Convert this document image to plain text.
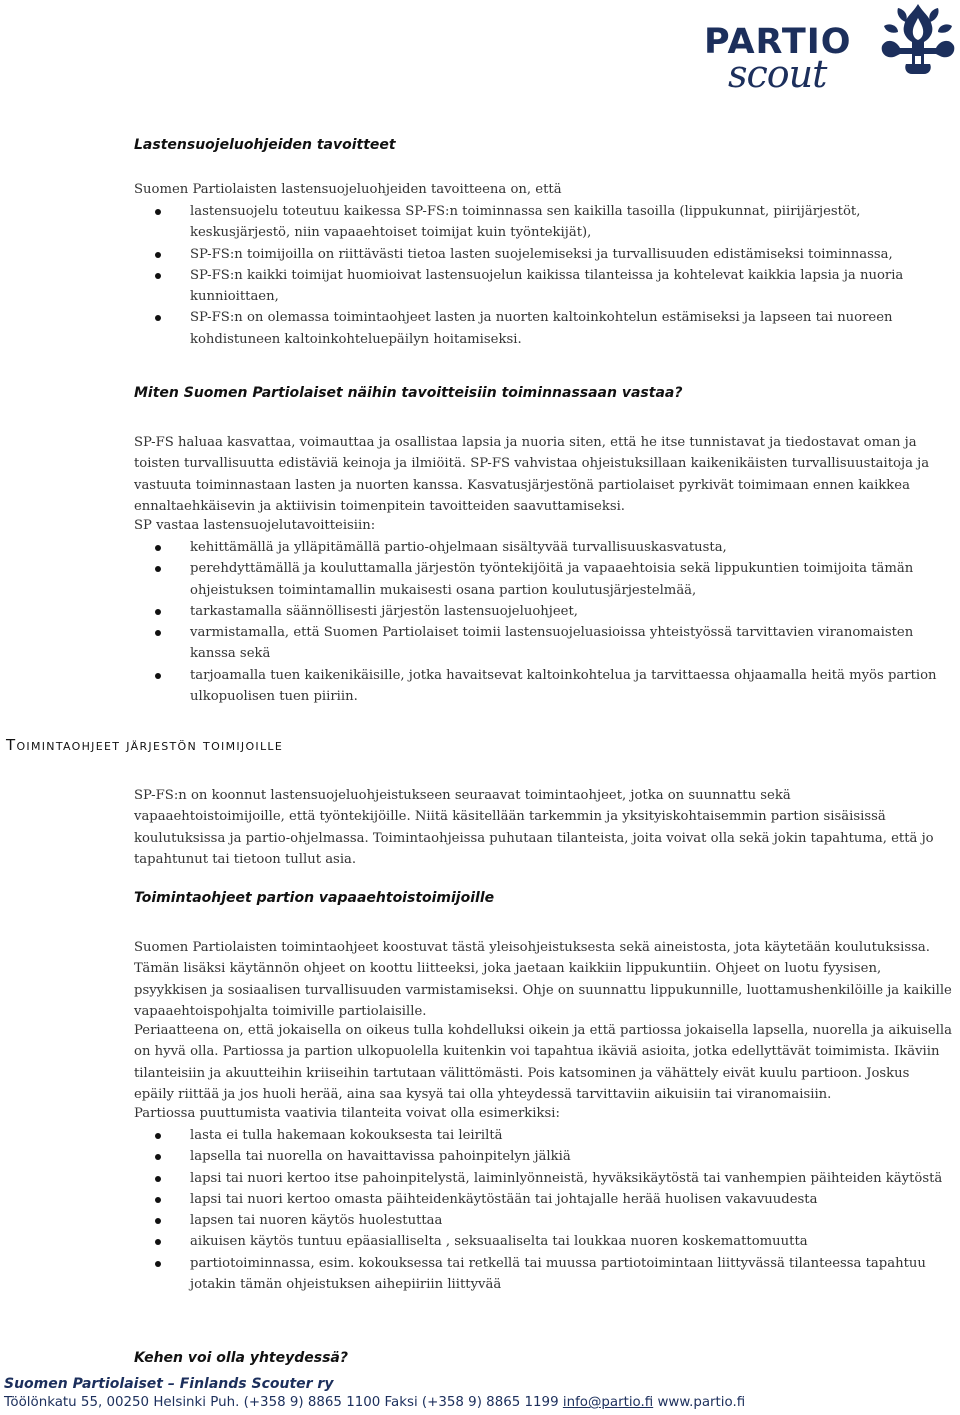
PARTIO
scout
Lastensuojeluohjeiden tavoitteet
Suomen Partiolaisten lastensuojeluohjeiden tavoitteena on, että
lastensuojelu toteutuu kaikessa SP-FS:n toiminnassa sen kaikilla tasoilla (lippukunnat, piirijärjestöt, keskusjärjestö, niin vapaaehtoiset toimijat kuin työntekijät),
SP-FS:n toimijoilla on riittävästi tietoa lasten suojelemiseksi ja turvallisuuden edistämiseksi toiminnassa,
SP-FS:n kaikki toimijat huomioivat lastensuojelun kaikissa tilanteissa ja kohtelevat kaikkia lapsia ja nuoria kunnioittaen,
SP-FS:n on olemassa toimintaohjeet lasten ja nuorten kaltoinkohtelun estämiseksi ja lapseen tai nuoreen kohdistuneen kaltoinkohteluepäilyn hoitamiseksi.
Miten Suomen Partiolaiset näihin tavoitteisiin toiminnassaan vastaa?
SP-FS haluaa kasvattaa, voimauttaa ja osallistaa lapsia ja nuoria siten, että he itse tunnistavat ja tiedostavat oman ja toisten turvallisuutta edistäviä keinoja ja ilmiöitä. SP-FS vahvistaa ohjeistuksillaan kaikenikäisten turvallisuustaitoja ja vastuuta toiminnastaan lasten ja nuorten kanssa. Kasvatusjärjestönä partiolaiset pyrkivät toimimaan ennen kaikkea ennaltaehkäisevin ja aktiivisin toimenpitein tavoitteiden saavuttamiseksi.
SP vastaa lastensuojelutavoitteisiin:
kehittämällä ja ylläpitämällä partio-ohjelmaan sisältyvää turvallisuuskasvatusta,
perehdyttämällä ja kouluttamalla järjestön työntekijöitä ja vapaaehtoisia sekä lippukuntien toimijoita tämän ohjeistuksen toimintamallin mukaisesti osana partion koulutusjärjestelmää,
tarkastamalla säännöllisesti järjestön lastensuojeluohjeet,
varmistamalla, että Suomen Partiolaiset toimii lastensuojeluasioissa yhteistyössä tarvittavien viranomaisten kanssa sekä
tarjoamalla tuen kaikenikäisille, jotka havaitsevat kaltoinkohtelua ja tarvittaessa ohjaamalla heitä myös partion ulkopuolisen tuen piiriin.
Toimintaohjeet järjestön toimijoille
SP-FS:n on koonnut lastensuojeluohjeistukseen seuraavat toimintaohjeet, jotka on suunnattu sekä vapaaehtoistoimijoille, että työntekijöille. Niitä käsitellään tarkemmin ja yksityiskohtaisemmin partion sisäisissä koulutuksissa ja partio-ohjelmassa. Toimintaohjeissa puhutaan tilanteista, joita voivat olla sekä jokin tapahtuma, että jo tapahtunut tai tietoon tullut asia.
Toimintaohjeet partion vapaaehtoistoimijoille
Suomen Partiolaisten toimintaohjeet koostuvat tästä yleisohjeistuksesta sekä aineistosta, jota käytetään koulutuksissa. Tämän lisäksi käytännön ohjeet on koottu liitteeksi, joka jaetaan kaikkiin lippukuntiin. Ohjeet on luotu fyysisen, psyykkisen ja sosiaalisen turvallisuuden varmistamiseksi. Ohje on suunnattu lippukunnille, luottamushenkilöille ja kaikille vapaaehtoispohjalta toimiville partiolaisille.
Periaatteena on, että jokaisella on oikeus tulla kohdelluksi oikein ja että partiossa jokaisella lapsella, nuorella ja aikuisella on hyvä olla. Partiossa ja partion ulkopuolella kuitenkin voi tapahtua ikäviä asioita, jotka edellyttävät toimimista. Ikäviin tilanteisiin ja akuutteihin kriiseihin tartutaan välittömästi. Pois katsominen ja vähättely eivät kuulu partioon. Joskus epäily riittää ja jos huoli herää, aina saa kysyä tai olla yhteydessä tarvittaviin aikuisiin tai viranomaisiin.
Partiossa puuttumista vaativia tilanteita voivat olla esimerkiksi:
lasta ei tulla hakemaan kokouksesta tai leiriltä
lapsella tai nuorella on havaittavissa pahoinpitelyn jälkiä
lapsi tai nuori kertoo itse pahoinpitelystä, laiminlyönneistä, hyväksikäytöstä tai vanhempien päihteiden käytöstä
lapsi tai nuori kertoo omasta päihteidenkäytöstään tai johtajalle herää huolisen vakavuudesta
lapsen tai nuoren käytös huolestuttaa
aikuisen käytös tuntuu epäasialliselta , seksuaaliselta tai loukkaa nuoren koskemattomuutta
partiotoiminnassa, esim. kokouksessa tai retkellä tai muussa partiotoimintaan liittyvässä tilanteessa tapahtuu jotakin tämän ohjeistuksen aihepiiriin liittyvää
Kehen voi olla yhteydessä?
Suomen Partiolaiset – Finlands Scouter ry
Töölönkatu 55, 00250 Helsinki Puh. (+358 9) 8865 1100 Faksi (+358 9) 8865 1199 info@partio.fi www.partio.fi
